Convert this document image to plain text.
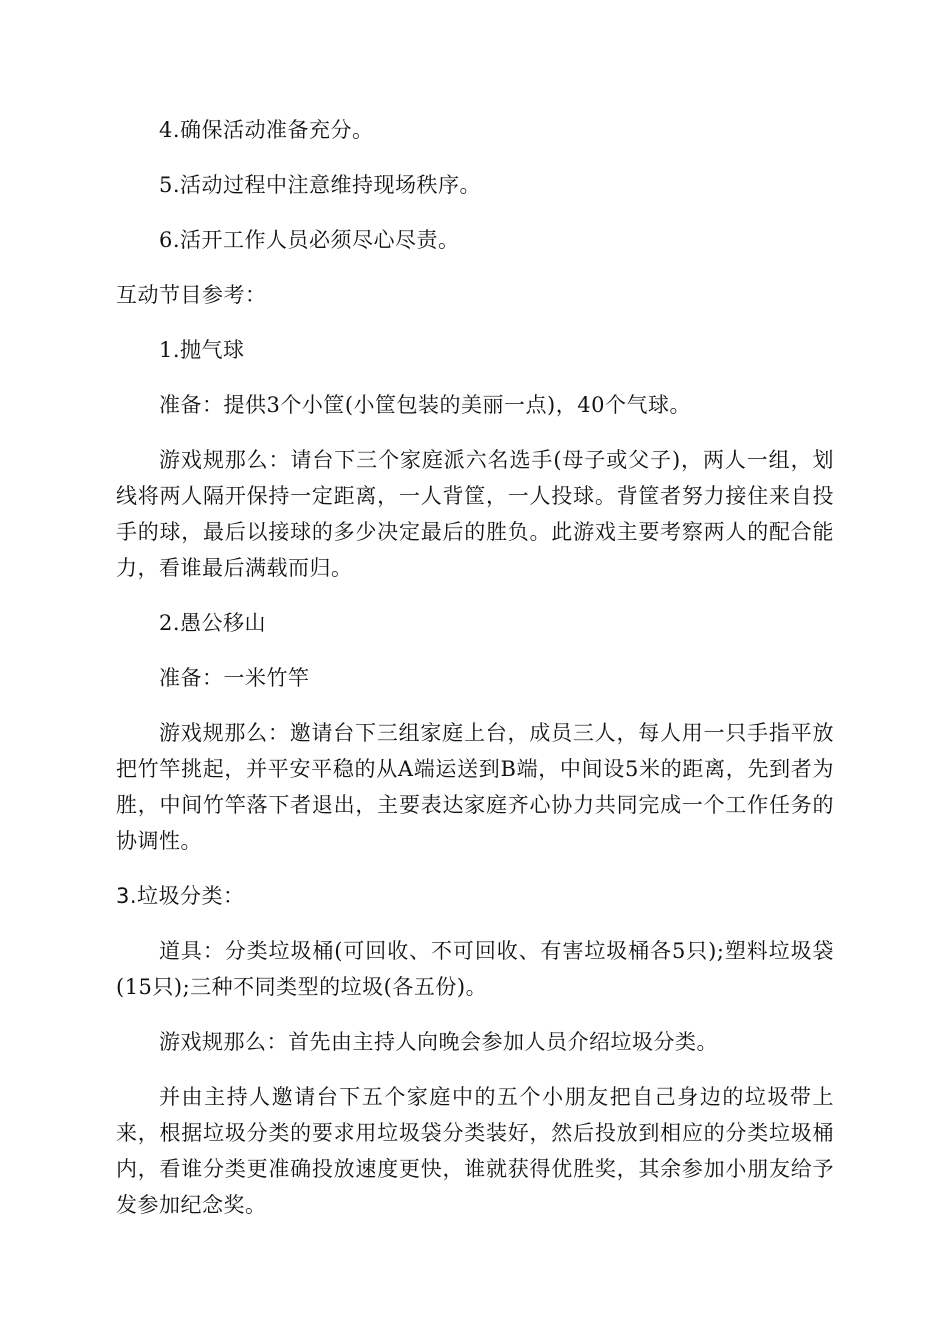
4.确保活动准备充分。

5.活动过程中注意维持现场秩序。

6.活开工作人员必须尽心尽责。

互动节目参考：

1.抛气球

准备：提供3个小筐(小筐包装的美丽一点)，40个气球。

游戏规那么：请台下三个家庭派六名选手(母子或父子)，两人一组，划线将两人隔开保持一定距离，一人背筐，一人投球。背筐者努力接住来自投手的球，最后以接球的多少决定最后的胜负。此游戏主要考察两人的配合能力，看谁最后满载而归。

2.愚公移山

准备：一米竹竿

游戏规那么：邀请台下三组家庭上台，成员三人，每人用一只手指平放把竹竿挑起，并平安平稳的从A端运送到B端，中间设5米的距离，先到者为胜，中间竹竿落下者退出，主要表达家庭齐心协力共同完成一个工作任务的协调性。

3.垃圾分类：

道具：分类垃圾桶(可回收、不可回收、有害垃圾桶各5只);塑料垃圾袋(15只);三种不同类型的垃圾(各五份)。

游戏规那么：首先由主持人向晚会参加人员介绍垃圾分类。

并由主持人邀请台下五个家庭中的五个小朋友把自己身边的垃圾带上来，根据垃圾分类的要求用垃圾袋分类装好，然后投放到相应的分类垃圾桶内，看谁分类更准确投放速度更快，谁就获得优胜奖，其余参加小朋友给予发参加纪念奖。
